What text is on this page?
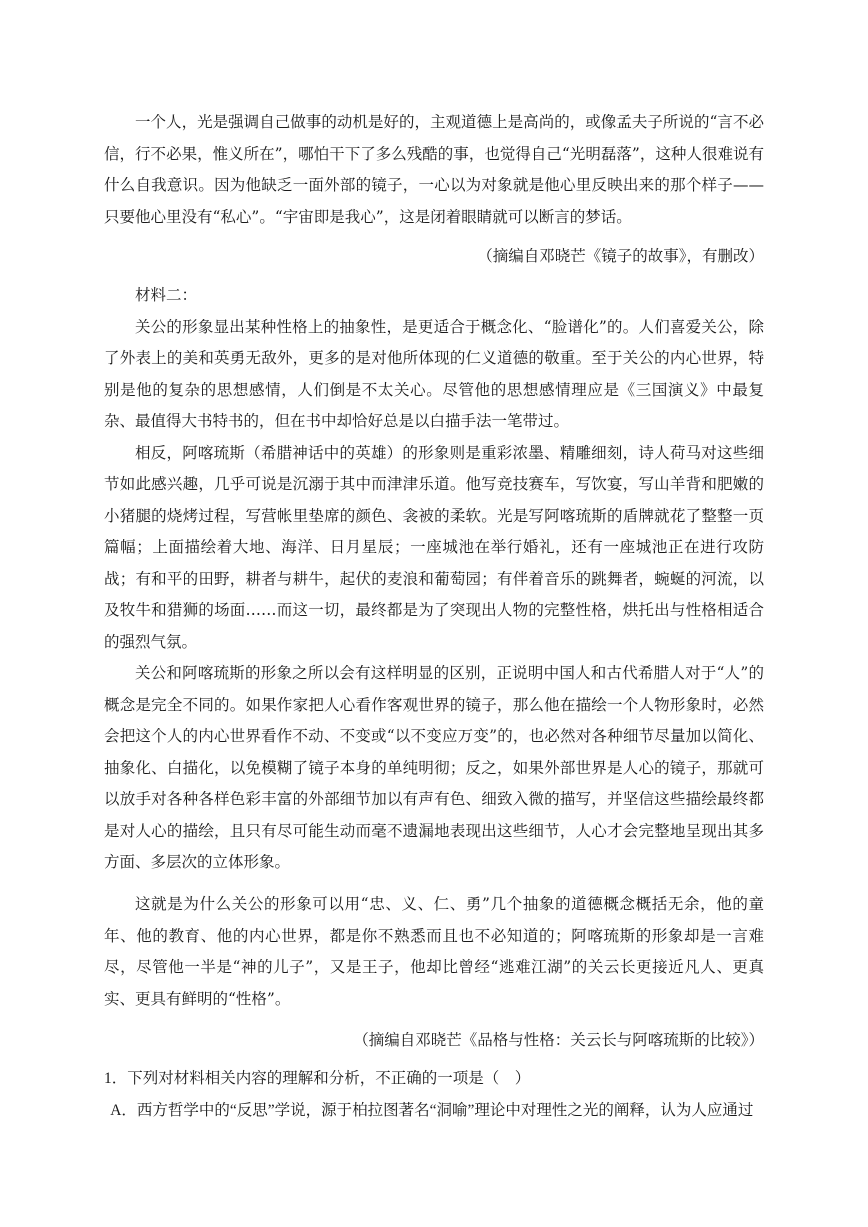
一个人，光是强调自己做事的动机是好的，主观道德上是高尚的，或像孟夫子所说的“言不必信，行不必果，惟义所在”，哪怕干下了多么残酷的事，也觉得自己“光明磊落”，这种人很难说有什么自我意识。因为他缺乏一面外部的镜子，一心以为对象就是他心里反映出来的那个样子——只要他心里没有“私心”。“宇宙即是我心”，这是闭着眼睛就可以断言的梦话。

（摘编自邓晓芒《镜子的故事》，有删改）

材料二：

关公的形象显出某种性格上的抽象性，是更适合于概念化、“脸谱化”的。人们喜爱关公，除了外表上的美和英勇无敌外，更多的是对他所体现的仁义道德的敬重。至于关公的内心世界，特别是他的复杂的思想感情，人们倒是不太关心。尽管他的思想感情理应是《三国演义》中最复杂、最值得大书特书的，但在书中却恰好总是以白描手法一笔带过。

相反，阿喀琉斯（希腊神话中的英雄）的形象则是重彩浓墨、精雕细刻，诗人荷马对这些细节如此感兴趣，几乎可说是沉溺于其中而津津乐道。他写竞技赛车，写饮宴，写山羊背和肥嫩的小猪腿的烧烤过程，写营帐里垫席的颜色、衾被的柔软。光是写阿喀琉斯的盾牌就花了整整一页篇幅；上面描绘着大地、海洋、日月星辰；一座城池在举行婚礼，还有一座城池正在进行攻防战；有和平的田野，耕者与耕牛，起伏的麦浪和葡萄园；有伴着音乐的跳舞者，蜿蜒的河流，以及牧牛和猎狮的场面……而这一切，最终都是为了突现出人物的完整性格，烘托出与性格相适合的强烈气氛。

关公和阿喀琉斯的形象之所以会有这样明显的区别，正说明中国人和古代希腊人对于“人”的概念是完全不同的。如果作家把人心看作客观世界的镜子，那么他在描绘一个人物形象时，必然会把这个人的内心世界看作不动、不变或“以不变应万变”的，也必然对各种细节尽量加以简化、抽象化、白描化，以免模糊了镜子本身的单纯明彻；反之，如果外部世界是人心的镜子，那就可以放手对各种各样色彩丰富的外部细节加以有声有色、细致入微的描写，并坚信这些描绘最终都是对人心的描绘，且只有尽可能生动而毫不遗漏地表现出这些细节，人心才会完整地呈现出其多方面、多层次的立体形象。

这就是为什么关公的形象可以用“忠、义、仁、勇”几个抽象的道德概念概括无余，他的童年、他的教育、他的内心世界，都是你不熟悉而且也不必知道的；阿喀琉斯的形象却是一言难尽，尽管他一半是“神的儿子”，又是王子，他却比曾经“逃难江湖”的关云长更接近凡人、更真实、更具有鲜明的“性格”。

（摘编自邓晓芒《品格与性格：关云长与阿喀琉斯的比较》）

1．下列对材料相关内容的理解和分析，不正确的一项是（　）

A．西方哲学中的“反思”学说，源于柏拉图著名“洞喻”理论中对理性之光的阐释，认为人应通过
